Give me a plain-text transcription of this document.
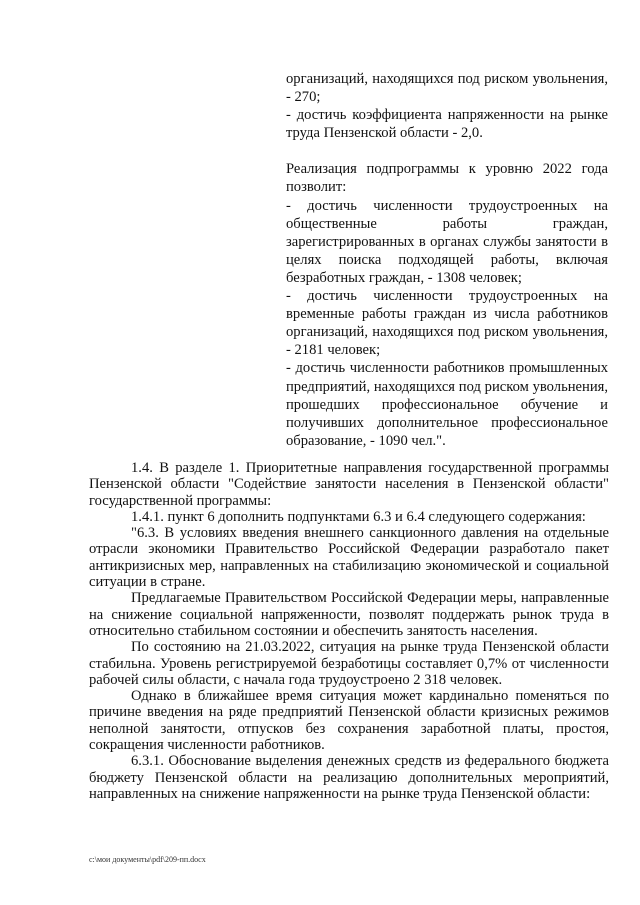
организаций, находящихся под риском увольнения, - 270;

- достичь коэффициента напряженности на рынке труда Пензенской области - 2,0.

Реализация подпрограммы к уровню 2022 года позволит:

- достичь численности трудоустроенных на общественные работы граждан, зарегистрированных в органах службы занятости в целях поиска подходящей работы, включая безработных граждан, - 1308 человек;

- достичь численности трудоустроенных на временные работы граждан из числа работников организаций, находящихся под риском увольнения, - 2181 человек;

- достичь численности работников промышленных предприятий, находящихся под риском увольнения, прошедших профессиональное обучение и получивших дополнительное профессиональное образование, - 1090 чел.".

1.4. В разделе 1. Приоритетные направления государственной программы Пензенской области "Содействие занятости населения в Пензенской области" государственной программы:

1.4.1. пункт 6 дополнить подпунктами 6.3 и 6.4 следующего содержания:

"6.3. В условиях введения внешнего санкционного давления на отдельные отрасли экономики Правительство Российской Федерации разработало пакет антикризисных мер, направленных на стабилизацию экономической и социальной ситуации в стране.

Предлагаемые Правительством Российской Федерации меры, направленные на снижение социальной напряженности, позволят поддержать рынок труда в относительно стабильном состоянии и обеспечить занятость населения.

По состоянию на 21.03.2022, ситуация на рынке труда Пензенской области стабильна. Уровень регистрируемой безработицы составляет 0,7% от численности рабочей силы области, с начала года трудоустроено 2 318 человек.

Однако в ближайшее время ситуация может кардинально поменяться по причине введения на ряде предприятий Пензенской области кризисных режимов неполной занятости, отпусков без сохранения заработной платы, простоя, сокращения численности работников.

6.3.1. Обоснование выделения денежных средств из федерального бюджета бюджету Пензенской области на реализацию дополнительных мероприятий, направленных на снижение напряженности на рынке труда Пензенской области:

c:\мои документы\pdf\209-пп.docx
